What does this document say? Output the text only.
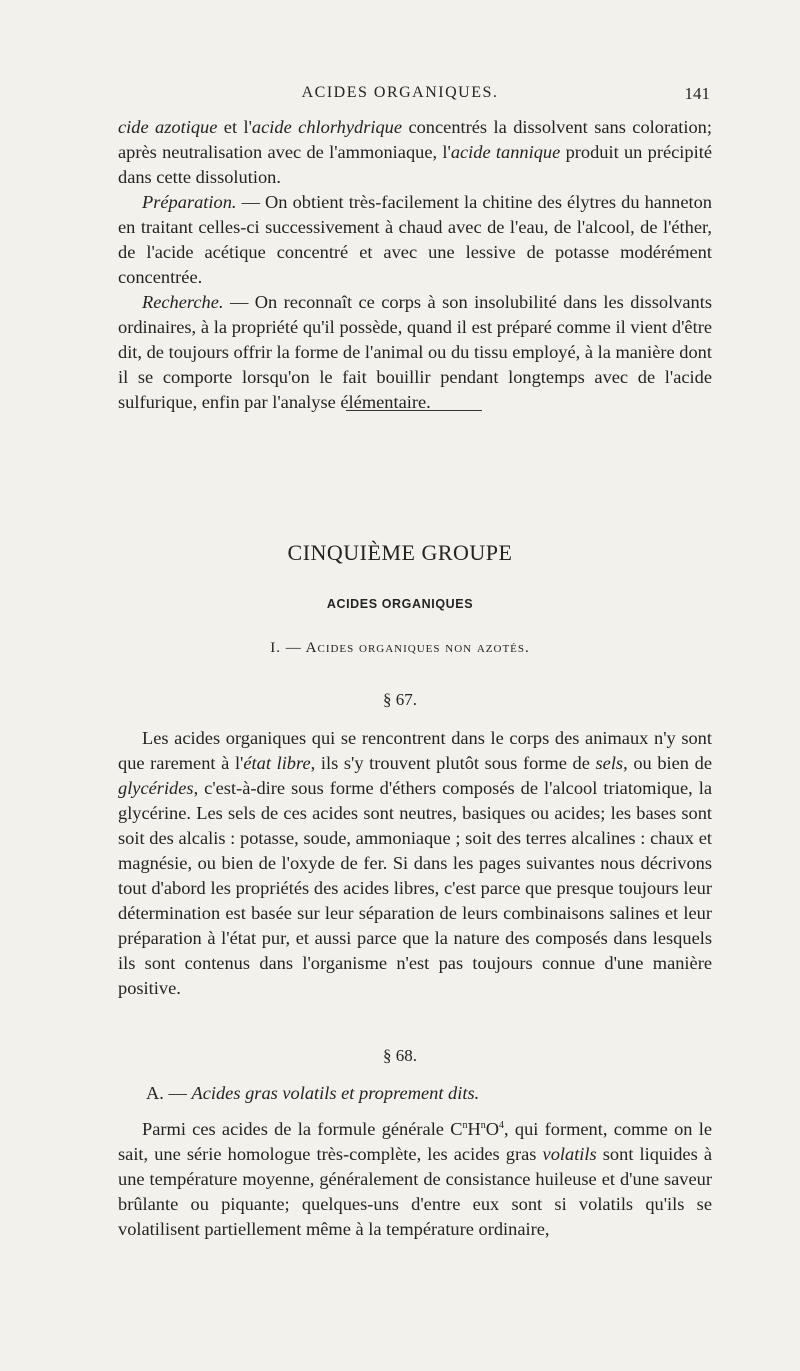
ACIDES ORGANIQUES.	141

cide azotique et l'acide chlorhydrique concentrés la dissolvent sans coloration; après neutralisation avec de l'ammoniaque, l'acide tannique produit un précipité dans cette dissolution.

Préparation. — On obtient très-facilement la chitine des élytres du hanneton en traitant celles-ci successivement à chaud avec de l'eau, de l'alcool, de l'éther, de l'acide acétique concentré et avec une lessive de potasse modérément concentrée.

Recherche. — On reconnaît ce corps à son insolubilité dans les dissolvants ordinaires, à la propriété qu'il possède, quand il est préparé comme il vient d'être dit, de toujours offrir la forme de l'animal ou du tissu employé, à la manière dont il se comporte lorsqu'on le fait bouillir pendant longtemps avec de l'acide sulfurique, enfin par l'analyse élémentaire.

CINQUIÈME GROUPE
ACIDES ORGANIQUES
I. — Acides organiques non azotés.
§ 67.

Les acides organiques qui se rencontrent dans le corps des animaux n'y sont que rarement à l'état libre, ils s'y trouvent plutôt sous forme de sels, ou bien de glycérides, c'est-à-dire sous forme d'éthers composés de l'alcool triatomique, la glycérine. Les sels de ces acides sont neutres, basiques ou acides; les bases sont soit des alcalis : potasse, soude, ammoniaque ; soit des terres alcalines : chaux et magnésie, ou bien de l'oxyde de fer. Si dans les pages suivantes nous décrivons tout d'abord les propriétés des acides libres, c'est parce que presque toujours leur détermination est basée sur leur séparation de leurs combinaisons salines et leur préparation à l'état pur, et aussi parce que la nature des composés dans lesquels ils sont contenus dans l'organisme n'est pas toujours connue d'une manière positive.

§ 68.
A. — Acides gras volatils et proprement dits.

Parmi ces acides de la formule générale $C^nH^nO^4$, qui forment, comme on le sait, une série homologue très-complète, les acides gras volatils sont liquides à une température moyenne, généralement de consistance huileuse et d'une saveur brûlante ou piquante; quelques-uns d'entre eux sont si volatils qu'ils se volatilisent partiellement même à la température ordinaire,
